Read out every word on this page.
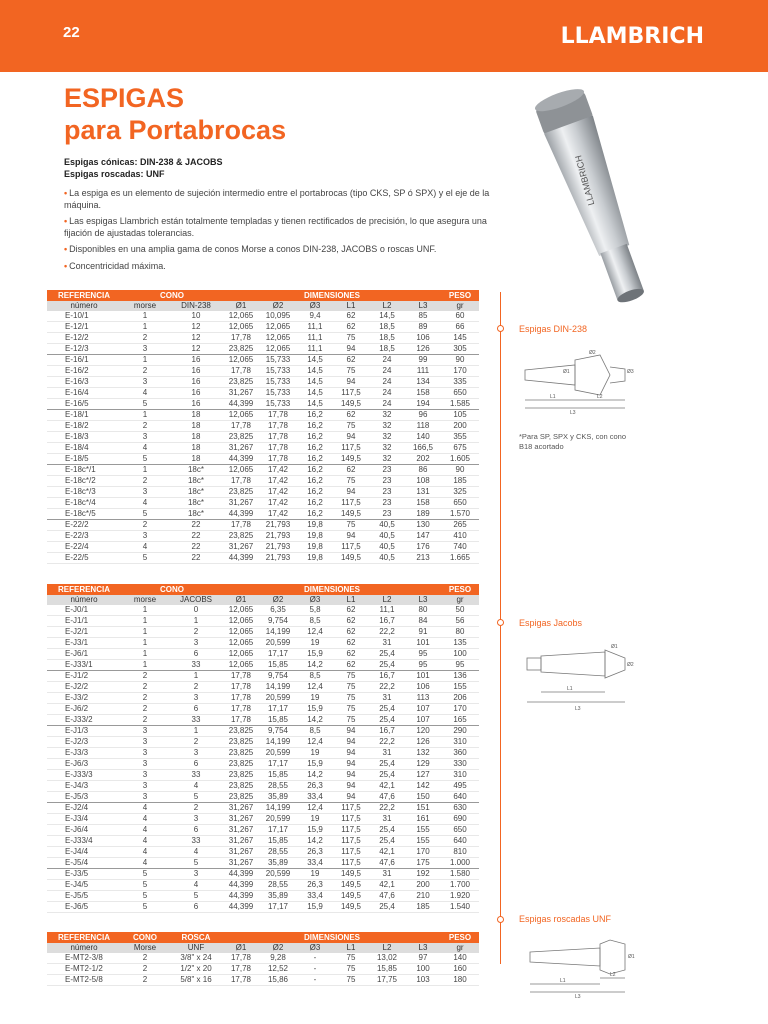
22	LLAMBRICH
ESPIGAS
para Portabrocas
Espigas cónicas: DIN-238 & JACOBS
Espigas roscadas: UNF
• La espiga es un elemento de sujeción intermedio entre el portabrocas (tipo CKS, SP ó SPX) y el eje de la máquina.
• Las espigas Llambrich están totalmente templadas y tienen rectificados de precisión, lo que asegura una fijación de ajustadas tolerancias.
• Disponibles en una amplia gama de conos Morse a conos DIN-238, JACOBS o roscas UNF.
• Concentricidad máxima.
LLAMBRICH
REFERENCIA	CONO		DIMENSIONES						PESO
número	morse	DIN-238	Ø1	Ø2	Ø3	L1	L2	L3	gr
E-10/1	1	10	12,065	10,095	9,4	62	14,5	85	60
E-12/1	1	12	12,065	12,065	11,1	62	18,5	89	66
E-12/2	2	12	17,78	12,065	11,1	75	18,5	106	145
E-12/3	3	12	23,825	12,065	11,1	94	18,5	126	305
E-16/1	1	16	12,065	15,733	14,5	62	24	99	90
E-16/2	2	16	17,78	15,733	14,5	75	24	111	170
E-16/3	3	16	23,825	15,733	14,5	94	24	134	335
E-16/4	4	16	31,267	15,733	14,5	117,5	24	158	650
E-16/5	5	16	44,399	15,733	14,5	149,5	24	194	1.585
E-18/1	1	18	12,065	17,78	16,2	62	32	96	105
E-18/2	2	18	17,78	17,78	16,2	75	32	118	200
E-18/3	3	18	23,825	17,78	16,2	94	32	140	355
E-18/4	4	18	31,267	17,78	16,2	117,5	32	166,5	675
E-18/5	5	18	44,399	17,78	16,2	149,5	32	202	1.605
E-18c*/1	1	18c*	12,065	17,42	16,2	62	23	86	90
E-18c*/2	2	18c*	17,78	17,42	16,2	75	23	108	185
E-18c*/3	3	18c*	23,825	17,42	16,2	94	23	131	325
E-18c*/4	4	18c*	31,267	17,42	16,2	117,5	23	158	650
E-18c*/5	5	18c*	44,399	17,42	16,2	149,5	23	189	1.570
E-22/2	2	22	17,78	21,793	19,8	75	40,5	130	265
E-22/3	3	22	23,825	21,793	19,8	94	40,5	147	410
E-22/4	4	22	31,267	21,793	19,8	117,5	40,5	176	740
E-22/5	5	22	44,399	21,793	19,8	149,5	40,5	213	1.665
REFERENCIA	CONO		DIMENSIONES						PESO
número	morse	JACOBS	Ø1	Ø2	Ø3	L1	L2	L3	gr
E-J0/1	1	0	12,065	6,35	5,8	62	11,1	80	50
E-J1/1	1	1	12,065	9,754	8,5	62	16,7	84	56
E-J2/1	1	2	12,065	14,199	12,4	62	22,2	91	80
E-J3/1	1	3	12,065	20,599	19	62	31	101	135
E-J6/1	1	6	12,065	17,17	15,9	62	25,4	95	100
E-J33/1	1	33	12,065	15,85	14,2	62	25,4	95	95
E-J1/2	2	1	17,78	9,754	8,5	75	16,7	101	136
E-J2/2	2	2	17,78	14,199	12,4	75	22,2	106	155
E-J3/2	2	3	17,78	20,599	19	75	31	113	206
E-J6/2	2	6	17,78	17,17	15,9	75	25,4	107	170
E-J33/2	2	33	17,78	15,85	14,2	75	25,4	107	165
E-J1/3	3	1	23,825	9,754	8,5	94	16,7	120	290
E-J2/3	3	2	23,825	14,199	12,4	94	22,2	126	310
E-J3/3	3	3	23,825	20,599	19	94	31	132	360
E-J6/3	3	6	23,825	17,17	15,9	94	25,4	129	330
E-J33/3	3	33	23,825	15,85	14,2	94	25,4	127	310
E-J4/3	3	4	23,825	28,55	26,3	94	42,1	142	495
E-J5/3	3	5	23,825	35,89	33,4	94	47,6	150	640
E-J2/4	4	2	31,267	14,199	12,4	117,5	22,2	151	630
E-J3/4	4	3	31,267	20,599	19	117,5	31	161	690
E-J6/4	4	6	31,267	17,17	15,9	117,5	25,4	155	650
E-J33/4	4	33	31,267	15,85	14,2	117,5	25,4	155	640
E-J4/4	4	4	31,267	28,55	26,3	117,5	42,1	170	810
E-J5/4	4	5	31,267	35,89	33,4	117,5	47,6	175	1.000
E-J3/5	5	3	44,399	20,599	19	149,5	31	192	1.580
E-J4/5	5	4	44,399	28,55	26,3	149,5	42,1	200	1.700
E-J5/5	5	5	44,399	35,89	33,4	149,5	47,6	210	1.920
E-J6/5	5	6	44,399	17,17	15,9	149,5	25,4	185	1.540
REFERENCIA	CONO	ROSCA	DIMENSIONES						PESO
número	Morse	UNF	Ø1	Ø2	Ø3	L1	L2	L3	gr
E-MT2-3/8	2	3/8" x 24	17,78	9,28	-	75	13,02	97	140
E-MT2-1/2	2	1/2" x 20	17,78	12,52	-	75	15,85	100	160
E-MT2-5/8	2	5/8" x 16	17,78	15,86	-	75	17,75	103	180
Espigas DIN-238
L1	L2
L3
Ø1
Ø2
Ø3
*Para SP, SPX y CKS, con cono B18 acortado
Espigas Jacobs
L1
L3
Ø1
Ø2
Espigas roscadas UNF
L1
L2
L3
Ø1
